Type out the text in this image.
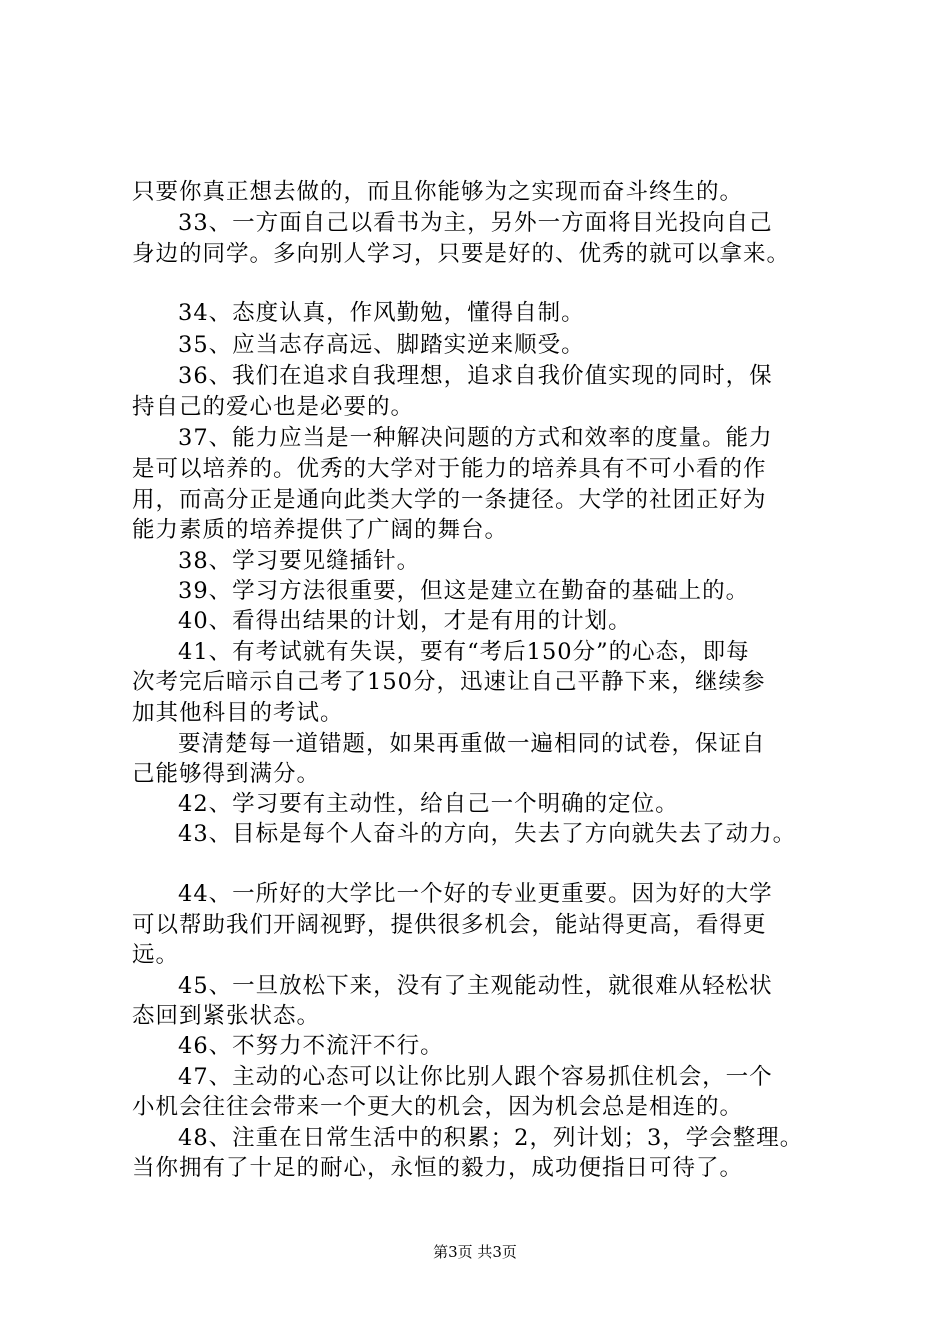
只要你真正想去做的，而且你能够为之实现而奋斗终生的。
33、一方面自己以看书为主，另外一方面将目光投向自己
身边的同学。多向别人学习，只要是好的、优秀的就可以拿来。
34、态度认真，作风勤勉，懂得自制。
35、应当志存高远、脚踏实逆来顺受。
36、我们在追求自我理想，追求自我价值实现的同时，保
持自己的爱心也是必要的。
37、能力应当是一种解决问题的方式和效率的度量。能力
是可以培养的。优秀的大学对于能力的培养具有不可小看的作
用，而高分正是通向此类大学的一条捷径。大学的社团正好为
能力素质的培养提供了广阔的舞台。
38、学习要见缝插针。
39、学习方法很重要，但这是建立在勤奋的基础上的。
40、看得出结果的计划，才是有用的计划。
41、有考试就有失误，要有“考后150分”的心态，即每
次考完后暗示自己考了150分，迅速让自己平静下来，继续参
加其他科目的考试。
要清楚每一道错题，如果再重做一遍相同的试卷，保证自
己能够得到满分。
42、学习要有主动性，给自己一个明确的定位。
43、目标是每个人奋斗的方向，失去了方向就失去了动力。
44、一所好的大学比一个好的专业更重要。因为好的大学
可以帮助我们开阔视野，提供很多机会，能站得更高，看得更
远。
45、一旦放松下来，没有了主观能动性，就很难从轻松状
态回到紧张状态。
46、不努力不流汗不行。
47、主动的心态可以让你比别人跟个容易抓住机会，一个
小机会往往会带来一个更大的机会，因为机会总是相连的。
48、注重在日常生活中的积累；2，列计划；3，学会整理。
当你拥有了十足的耐心，永恒的毅力，成功便指日可待了。
第3页 共3页
